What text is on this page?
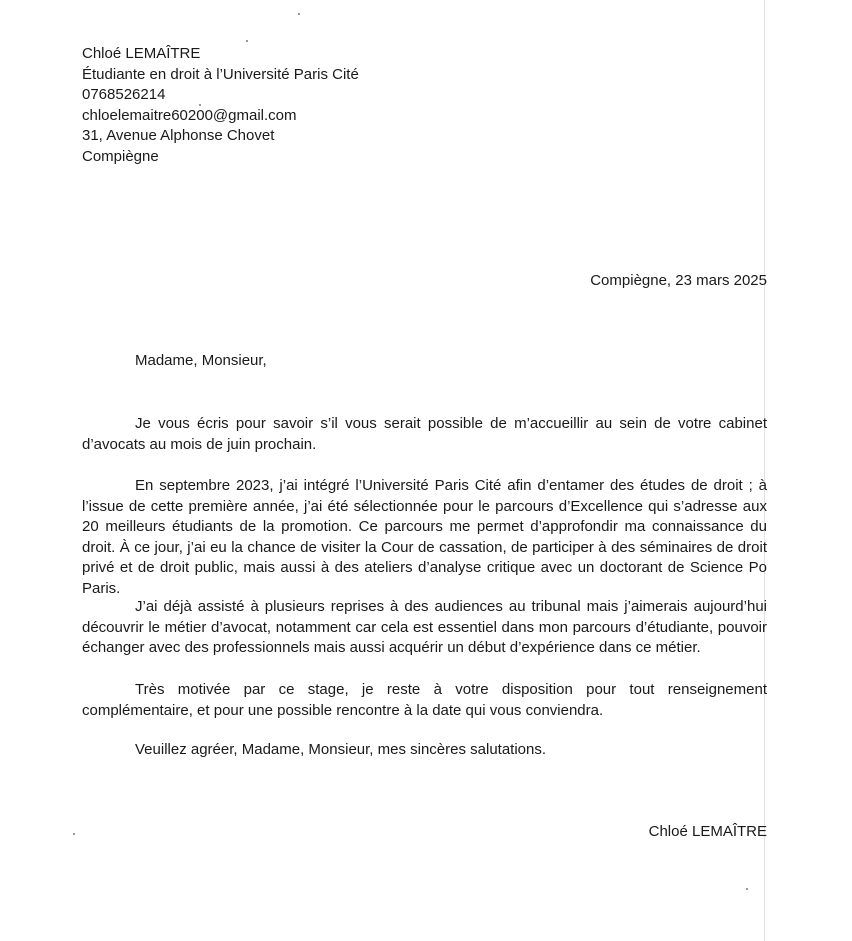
Chloé LEMAÎTRE
Étudiante en droit à l’Université Paris Cité
0768526214
chloelemaitre60200@gmail.com
31, Avenue Alphonse Chovet
Compiègne
Compiègne, 23 mars 2025
Madame, Monsieur,

Je vous écris pour savoir s’il vous serait possible de m’accueillir au sein de votre cabinet d’avocats au mois de juin prochain.

En septembre 2023, j’ai intégré l’Université Paris Cité afin d’entamer des études de droit ; à l’issue de cette première année, j’ai été sélectionnée pour le parcours d’Excellence qui s’adresse aux 20 meilleurs étudiants de la promotion. Ce parcours me permet d’approfondir ma connaissance du droit. À ce jour, j’ai eu la chance de visiter la Cour de cassation, de participer à des séminaires de droit privé et de droit public, mais aussi à des ateliers d’analyse critique avec un doctorant de Science Po Paris.

J’ai déjà assisté à plusieurs reprises à des audiences au tribunal mais j’aimerais aujourd’hui découvrir le métier d’avocat, notamment car cela est essentiel dans mon parcours d’étudiante, pouvoir échanger avec des professionnels mais aussi acquérir un début d’expérience dans ce métier.

Très motivée par ce stage, je reste à votre disposition pour tout renseignement complémentaire, et pour une possible rencontre à la date qui vous conviendra.

Veuillez agréer, Madame, Monsieur, mes sincères salutations.
Chloé LEMAÎTRE
